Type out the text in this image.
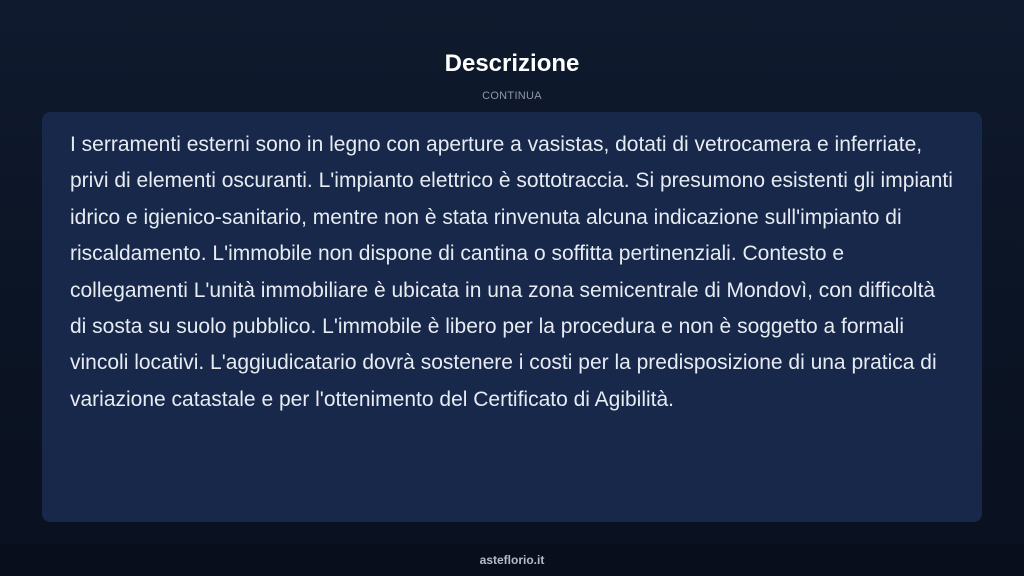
Descrizione
CONTINUA

I serramenti esterni sono in legno con aperture a vasistas, dotati di vetrocamera e inferriate, privi di elementi oscuranti. L'impianto elettrico è sottotraccia. Si presumono esistenti gli impianti idrico e igienico-sanitario, mentre non è stata rinvenuta alcuna indicazione sull'impianto di riscaldamento. L'immobile non dispone di cantina o soffitta pertinenziali. Contesto e collegamenti L'unità immobiliare è ubicata in una zona semicentrale di Mondovì, con difficoltà di sosta su suolo pubblico. L'immobile è libero per la procedura e non è soggetto a formali vincoli locativi. L'aggiudicatario dovrà sostenere i costi per la predisposizione di una pratica di variazione catastale e per l'ottenimento del Certificato di Agibilità.

asteflorio.it
